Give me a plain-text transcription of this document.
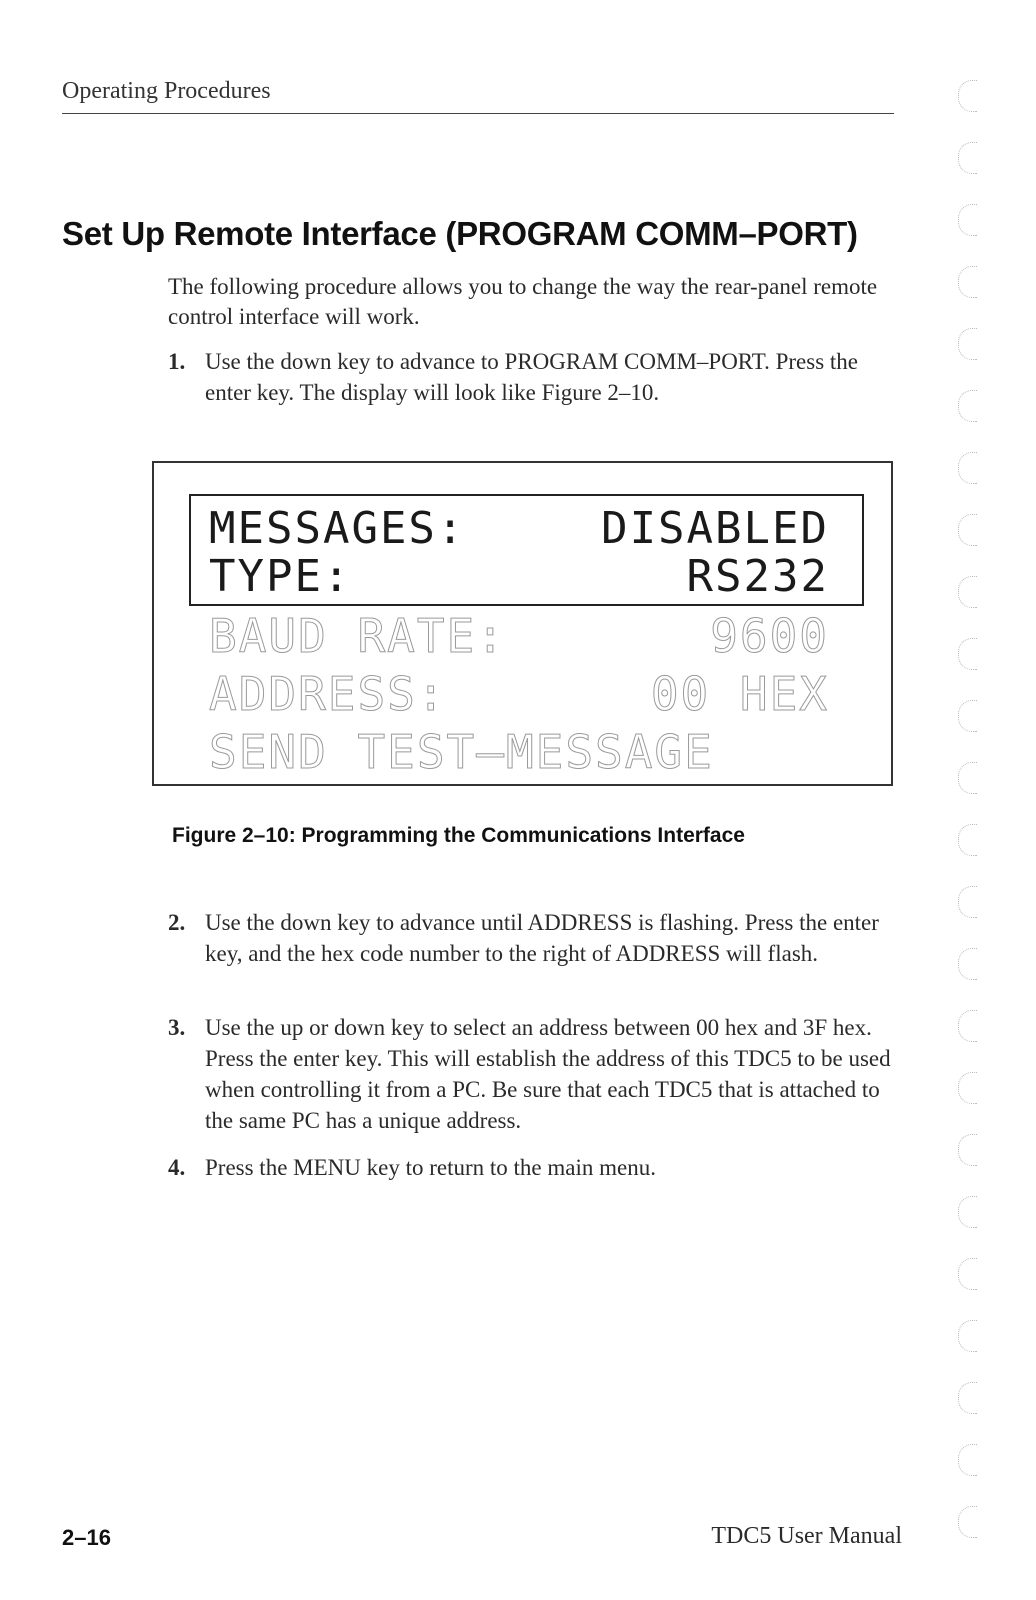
Operating Procedures
Set Up Remote Interface (PROGRAM COMM–PORT)
The following procedure allows you to change the way the rear-panel remote control interface will work.
1. Use the down key to advance to PROGRAM COMM–PORT. Press the enter key. The display will look like Figure 2–10.
MESSAGES:	DISABLED
TYPE:	RS232
BAUD RATE:	9600
ADDRESS:	00 HEX
SEND TEST–MESSAGE
Figure 2–10: Programming the Communications Interface
2. Use the down key to advance until ADDRESS is flashing. Press the enter key, and the hex code number to the right of ADDRESS will flash.
3. Use the up or down key to select an address between 00 hex and 3F hex. Press the enter key. This will establish the address of this TDC5 to be used when controlling it from a PC. Be sure that each TDC5 that is attached to the same PC has a unique address.
4. Press the MENU key to return to the main menu.
2–16	TDC5 User Manual
